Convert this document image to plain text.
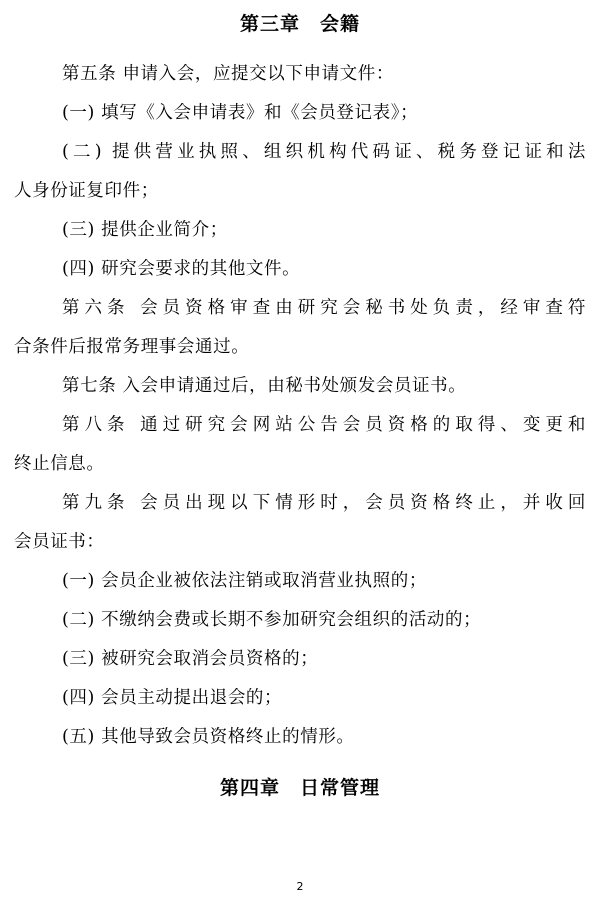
第三章　会籍

第五条 申请入会，应提交以下申请文件：

(一) 填写《入会申请表》和《会员登记表》；

(二) 提供营业执照、组织机构代码证、税务登记证和法

人身份证复印件；

(三) 提供企业简介；

(四) 研究会要求的其他文件。

第六条 会员资格审查由研究会秘书处负责，经审查符

合条件后报常务理事会通过。

第七条 入会申请通过后，由秘书处颁发会员证书。

第八条 通过研究会网站公告会员资格的取得、变更和

终止信息。

第九条 会员出现以下情形时，会员资格终止，并收回

会员证书：

(一) 会员企业被依法注销或取消营业执照的；

(二) 不缴纳会费或长期不参加研究会组织的活动的；

(三) 被研究会取消会员资格的；

(四) 会员主动提出退会的；

(五) 其他导致会员资格终止的情形。

第四章　日常管理
2
